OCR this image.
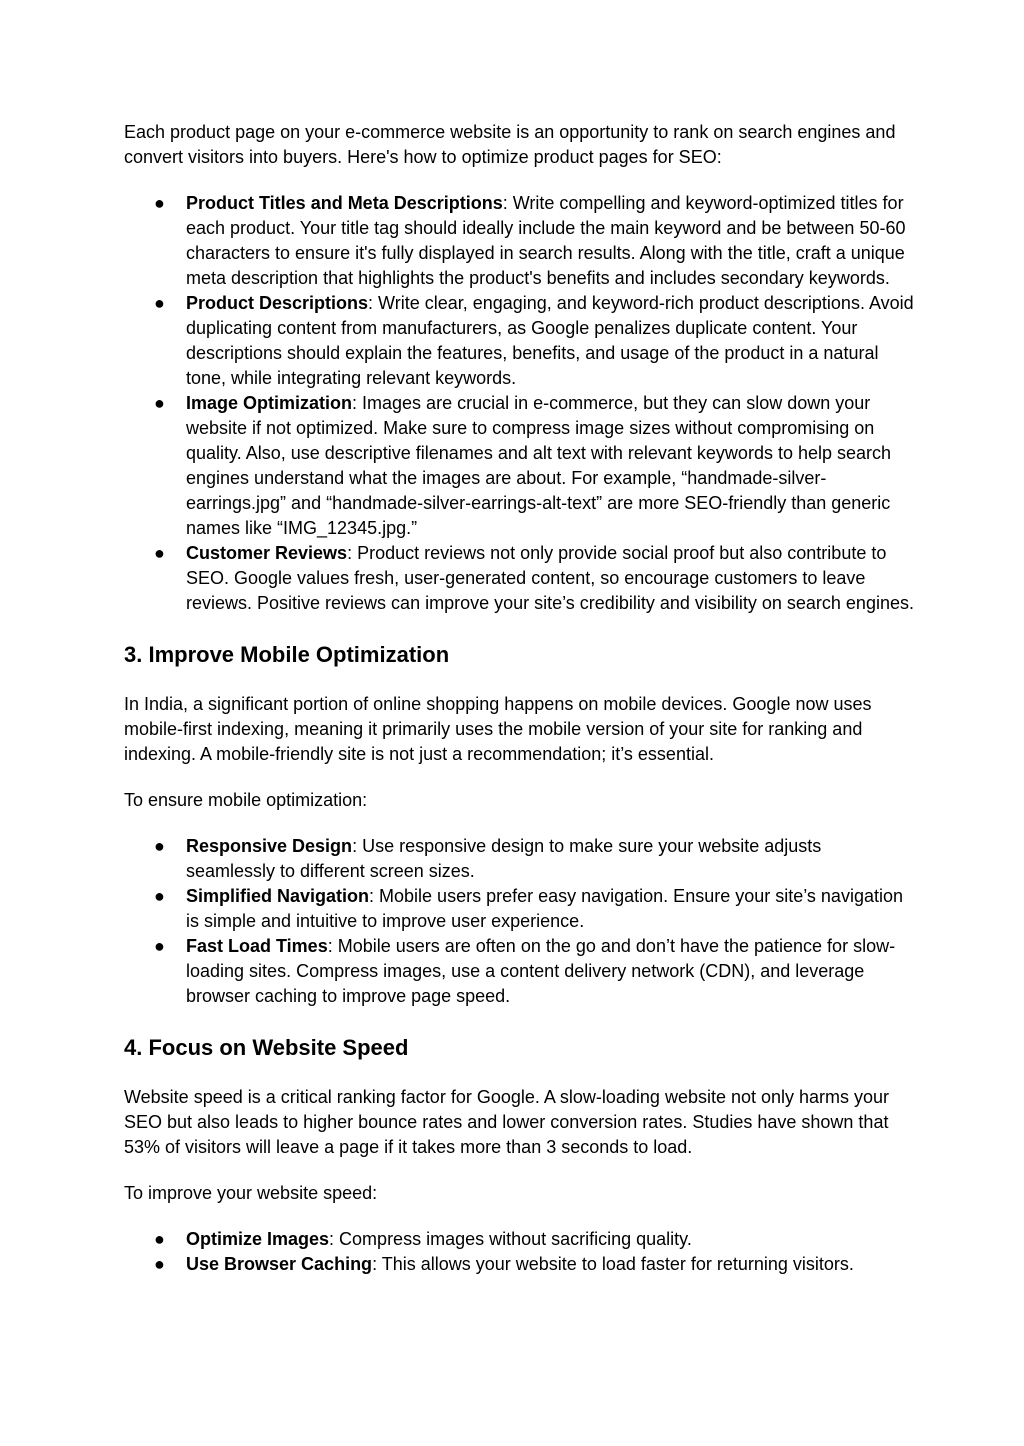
Each product page on your e-commerce website is an opportunity to rank on search engines and convert visitors into buyers. Here's how to optimize product pages for SEO:

● Product Titles and Meta Descriptions: Write compelling and keyword-optimized titles for each product. Your title tag should ideally include the main keyword and be between 50-60 characters to ensure it's fully displayed in search results. Along with the title, craft a unique meta description that highlights the product's benefits and includes secondary keywords.
● Product Descriptions: Write clear, engaging, and keyword-rich product descriptions. Avoid duplicating content from manufacturers, as Google penalizes duplicate content. Your descriptions should explain the features, benefits, and usage of the product in a natural tone, while integrating relevant keywords.
● Image Optimization: Images are crucial in e-commerce, but they can slow down your website if not optimized. Make sure to compress image sizes without compromising on quality. Also, use descriptive filenames and alt text with relevant keywords to help search engines understand what the images are about. For example, “handmade-silver-earrings.jpg” and “handmade-silver-earrings-alt-text” are more SEO-friendly than generic names like “IMG_12345.jpg.”
● Customer Reviews: Product reviews not only provide social proof but also contribute to SEO. Google values fresh, user-generated content, so encourage customers to leave reviews. Positive reviews can improve your site’s credibility and visibility on search engines.
3. Improve Mobile Optimization

In India, a significant portion of online shopping happens on mobile devices. Google now uses mobile-first indexing, meaning it primarily uses the mobile version of your site for ranking and indexing. A mobile-friendly site is not just a recommendation; it’s essential.

To ensure mobile optimization:

● Responsive Design: Use responsive design to make sure your website adjusts seamlessly to different screen sizes.
● Simplified Navigation: Mobile users prefer easy navigation. Ensure your site’s navigation is simple and intuitive to improve user experience.
● Fast Load Times: Mobile users are often on the go and don’t have the patience for slow-loading sites. Compress images, use a content delivery network (CDN), and leverage browser caching to improve page speed.
4. Focus on Website Speed

Website speed is a critical ranking factor for Google. A slow-loading website not only harms your SEO but also leads to higher bounce rates and lower conversion rates. Studies have shown that 53% of visitors will leave a page if it takes more than 3 seconds to load.

To improve your website speed:

● Optimize Images: Compress images without sacrificing quality.
● Use Browser Caching: This allows your website to load faster for returning visitors.
